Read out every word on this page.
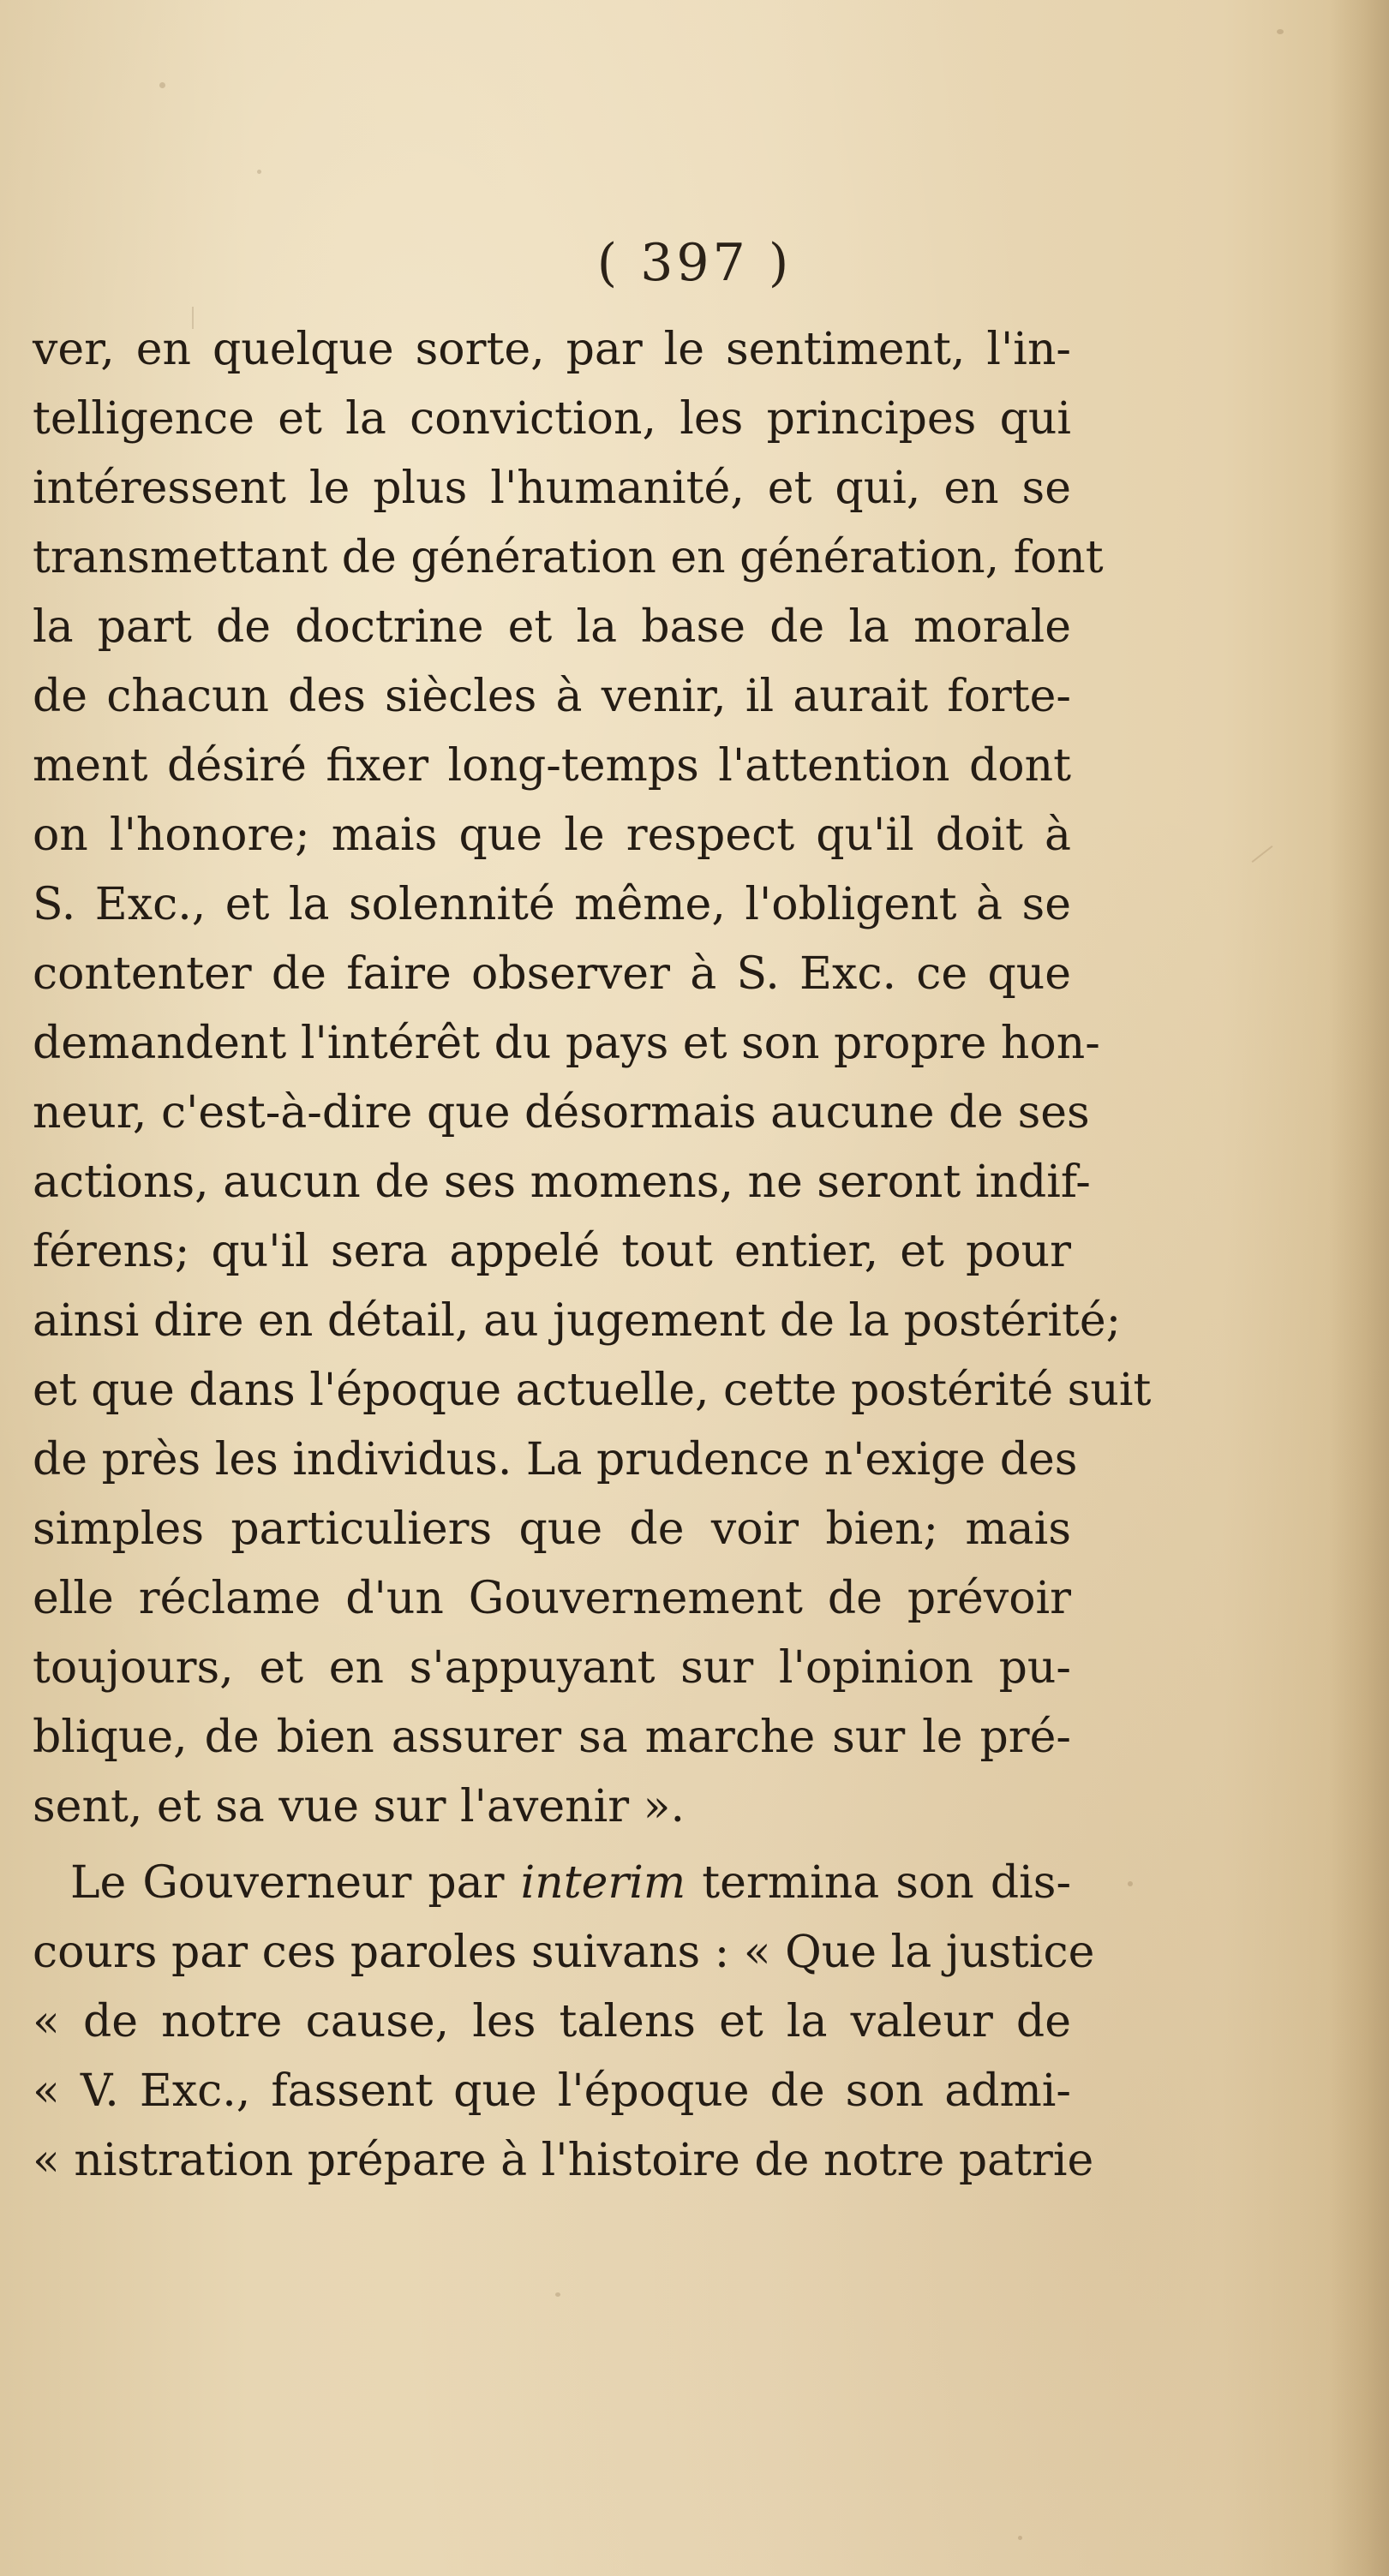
( 397 )
ver, en quelque sorte, par le sentiment, l'in-
telligence et la conviction, les principes qui
intéressent le plus l'humanité, et qui, en se
transmettant de génération en génération, font
la part de doctrine et la base de la morale
de chacun des siècles à venir, il aurait forte-
ment désiré fixer long-temps l'attention dont
on l'honore; mais que le respect qu'il doit à
S. Exc., et la solennité même, l'obligent à se
contenter de faire observer à S. Exc. ce que
demandent l'intérêt du pays et son propre hon-
neur, c'est-à-dire que désormais aucune de ses
actions, aucun de ses momens, ne seront indif-
férens; qu'il sera appelé tout entier, et pour
ainsi dire en détail, au jugement de la postérité;
et que dans l'époque actuelle, cette postérité suit
de près les individus. La prudence n'exige des
simples particuliers que de voir bien; mais
elle réclame d'un Gouvernement de prévoir
toujours, et en s'appuyant sur l'opinion pu-
blique, de bien assurer sa marche sur le pré-
sent, et sa vue sur l'avenir ».
Le Gouverneur par interim termina son dis-
cours par ces paroles suivans : « Que la justice
« de notre cause, les talens et la valeur de
« V. Exc., fassent que l'époque de son admi-
« nistration prépare à l'histoire de notre patrie
